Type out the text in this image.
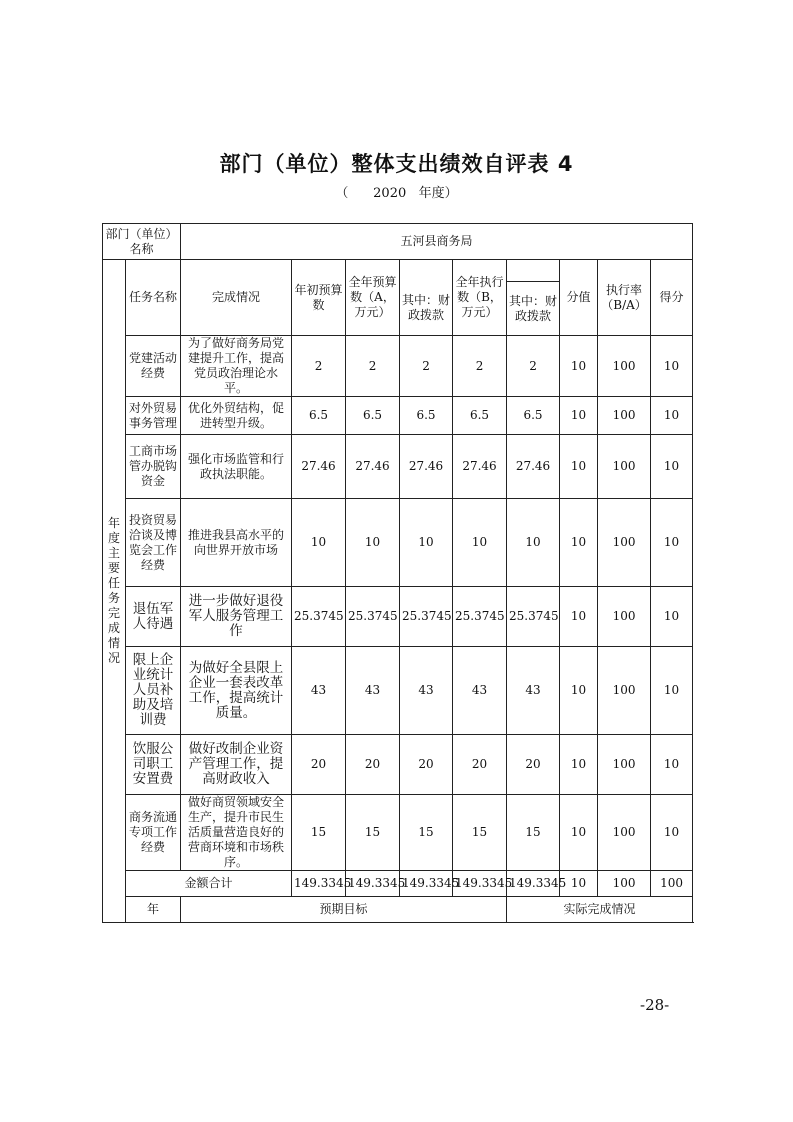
部门（单位）整体支出绩效自评表 4
（      2020   年度）
部门（单位）名称		五河县商务局								

年度主要任务完成情况	任务名称	完成情况	年初预算数	全年预算数（A，万元）		全年执行数（B，万元）		分值	执行率（B/A）	得分
					其中：财政拨款		其中：财政拨款			
	党建活动经费	为了做好商务局党建提升工作，提高党员政治理论水平。	2	2	2	2	2	10	100	10
	对外贸易事务管理	优化外贸结构，促进转型升级。	6.5	6.5	6.5	6.5	6.5	10	100	10
	工商市场管办脱钩资金	强化市场监管和行政执法职能。	27.46	27.46	27.46	27.46	27.46	10	100	10
	投资贸易洽谈及博览会工作经费	推进我县高水平的向世界开放市场	10	10	10	10	10	10	100	10
	退伍军人待遇	进一步做好退役军人服务管理工作	25.3745	25.3745	25.3745	25.3745	25.3745	10	100	10
	限上企业统计人员补助及培训费	为做好全县限上企业一套表改革工作，提高统计质量。	43	43	43	43	43	10	100	10
	饮服公司职工安置费	做好改制企业资产管理工作，提高财政收入	20	20	20	20	20	10	100	10
	商务流通专项工作经费	做好商贸领域安全生产，提升市民生活质量营造良好的营商环境和市场秩序。	15	15	15	15	15	10	100	10
	金额合计		149.3345	149.3345	149.3345	149.3345	149.3345	10	100	100
	年	预期目标					实际完成情况			
-28-
